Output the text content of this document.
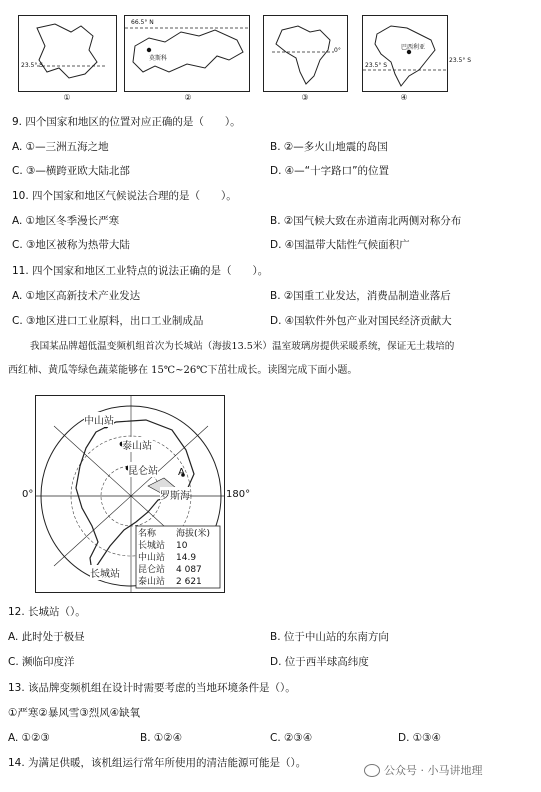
23.5° S
①
66.5° N
莫斯科
②
0°
③
巴西利亚
23.5° S
④
23.5° S
9. 四个国家和地区的位置对应正确的是（　　）。
A. ①—三洲五海之地	B. ②—多火山地震的岛国
C. ③—横跨亚欧大陆北部	D. ④—“十字路口”的位置
10. 四个国家和地区气候说法合理的是（　　）。
A. ①地区冬季漫长严寒	B. ②国气候大致在赤道南北两侧对称分布
C. ③地区被称为热带大陆	D. ④国温带大陆性气候面积广
11. 四个国家和地区工业特点的说法正确的是（　　）。
A. ①地区高新技术产业发达	B. ②国重工业发达，消费品制造业落后
C. ③地区进口工业原料，出口工业制成品	D. ④国软件外包产业对国民经济贡献大
我国某品牌超低温变频机组首次为长城站（海拔13.5米）温室玻璃房提供采暖系统，保证无土栽培的
西红柿、黄瓜等绿色蔬菜能够在 15℃~26℃下茁壮成长。读图完成下面小题。
中山站
泰山站
昆仑站
罗斯海
长城站
0°	180°
A
名称	海拔(米)
长城站	10
中山站	14.9
昆仑站	4 087
泰山站	2 621
12. 长城站（）。
A. 此时处于极昼	B. 位于中山站的东南方向
C. 濒临印度洋	D. 位于西半球高纬度
13. 该品牌变频机组在设计时需要考虑的当地环境条件是（）。
①严寒②暴风雪③烈风④缺氧
A. ①②③	B. ①②④	C. ②③④	D. ①③④
14. 为满足供暖，该机组运行常年所使用的清洁能源可能是（）。
公众号 · 小马讲地理
